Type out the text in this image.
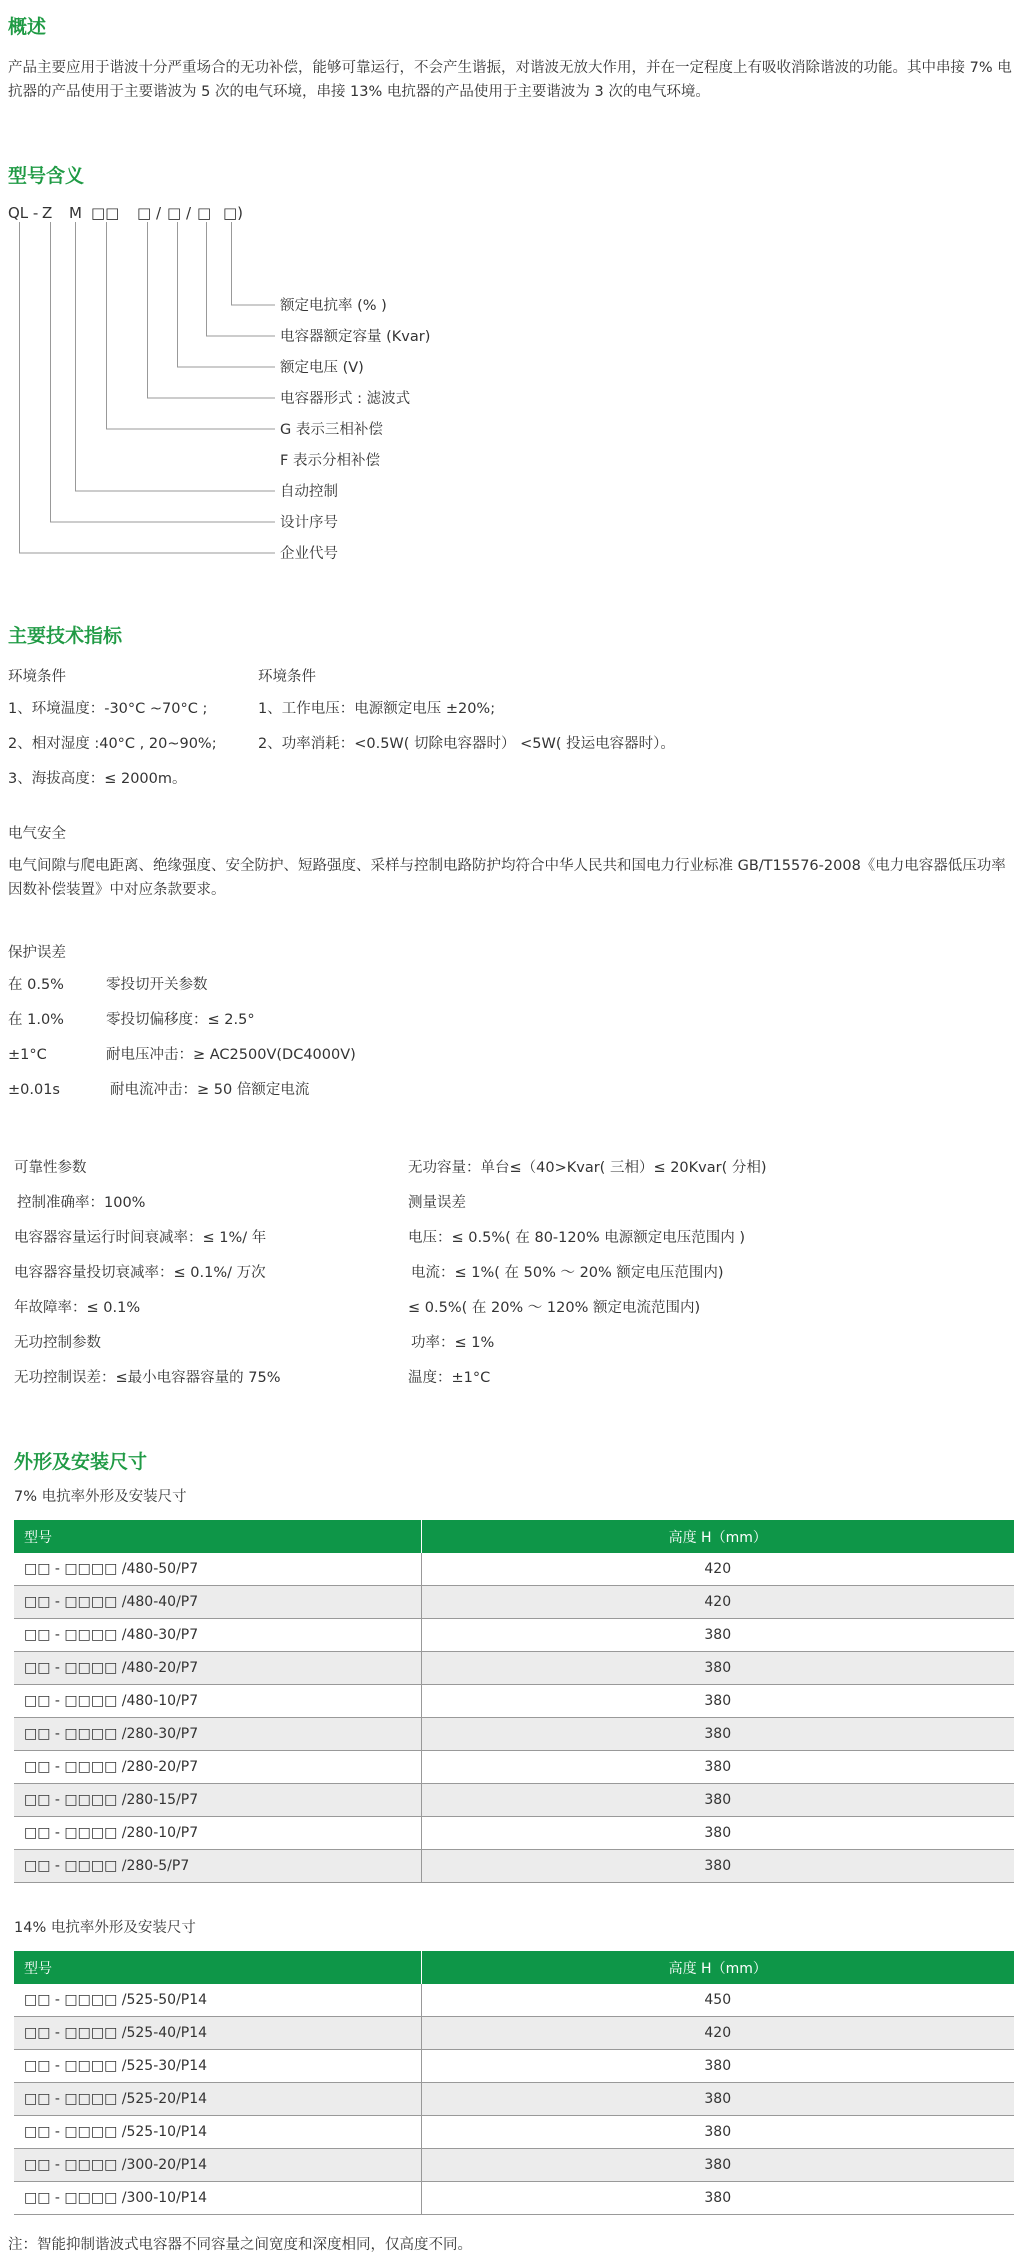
概述

产品主要应用于谐波十分严重场合的无功补偿，能够可靠运行，不会产生谐振，对谐波无放大作用，并在一定程度上有吸收消除谐波的功能。其中串接 7% 电抗器的产品使用于主要谐波为 5 次的电气环境，串接 13% 电抗器的产品使用于主要谐波为 3 次的电气环境。

型号含义
QL - Z M □□ □ / □ / □ □)
额定电抗率 (% )
电容器额定容量 (Kvar)
额定电压 (V)
电容器形式 : 滤波式
G 表示三相补偿
F 表示分相补偿
自动控制
设计序号
企业代号
主要技术指标

环境条件

1、环境温度：-30°C ~70°C ;

2、相对湿度 :40°C , 20~90%;

3、海拔高度：≤ 2000m。

环境条件

1、工作电压：电源额定电压 ±20%;

2、功率消耗：<0.5W( 切除电容器时） <5W( 投运电容器时）。

电气安全

电气间隙与爬电距离、绝缘强度、安全防护、短路强度、采样与控制电路防护均符合中华人民共和国电力行业标准 GB/T15576-2008《电力电容器低压功率因数补偿装置》中对应条款要求。

保护误差

在 0.5%	零投切开关参数

在 1.0%	零投切偏移度：≤ 2.5°

±1°C	耐电压冲击：≥ AC2500V(DC4000V)

±0.01s	耐电流冲击：≥ 50 倍额定电流

可靠性参数

控制准确率：100%

电容器容量运行时间衰减率：≤ 1%/ 年

电容器容量投切衰减率：≤ 0.1%/ 万次

年故障率：≤ 0.1%

无功控制参数

无功控制误差：≤最小电容器容量的 75%

无功容量：单台≤（40>Kvar( 三相）≤ 20Kvar( 分相)

测量误差

电压：≤ 0.5%( 在 80-120% 电源额定电压范围内 )

电流：≤ 1%( 在 50% ～ 20% 额定电压范围内)

≤ 0.5%( 在 20% ～ 120% 额定电流范围内)

功率：≤ 1%

温度：±1°C

外形及安装尺寸

7% 电抗率外形及安装尺寸

型号	高度 H（mm）
□□ - □□□□ /480-50/P7	420
□□ - □□□□ /480-40/P7	420
□□ - □□□□ /480-30/P7	380
□□ - □□□□ /480-20/P7	380
□□ - □□□□ /480-10/P7	380
□□ - □□□□ /280-30/P7	380
□□ - □□□□ /280-20/P7	380
□□ - □□□□ /280-15/P7	380
□□ - □□□□ /280-10/P7	380
□□ - □□□□ /280-5/P7	380

14% 电抗率外形及安装尺寸

型号	高度 H（mm）
□□ - □□□□ /525-50/P14	450
□□ - □□□□ /525-40/P14	420
□□ - □□□□ /525-30/P14	380
□□ - □□□□ /525-20/P14	380
□□ - □□□□ /525-10/P14	380
□□ - □□□□ /300-20/P14	380
□□ - □□□□ /300-10/P14	380

注：智能抑制谐波式电容器不同容量之间宽度和深度相同，仅高度不同。
